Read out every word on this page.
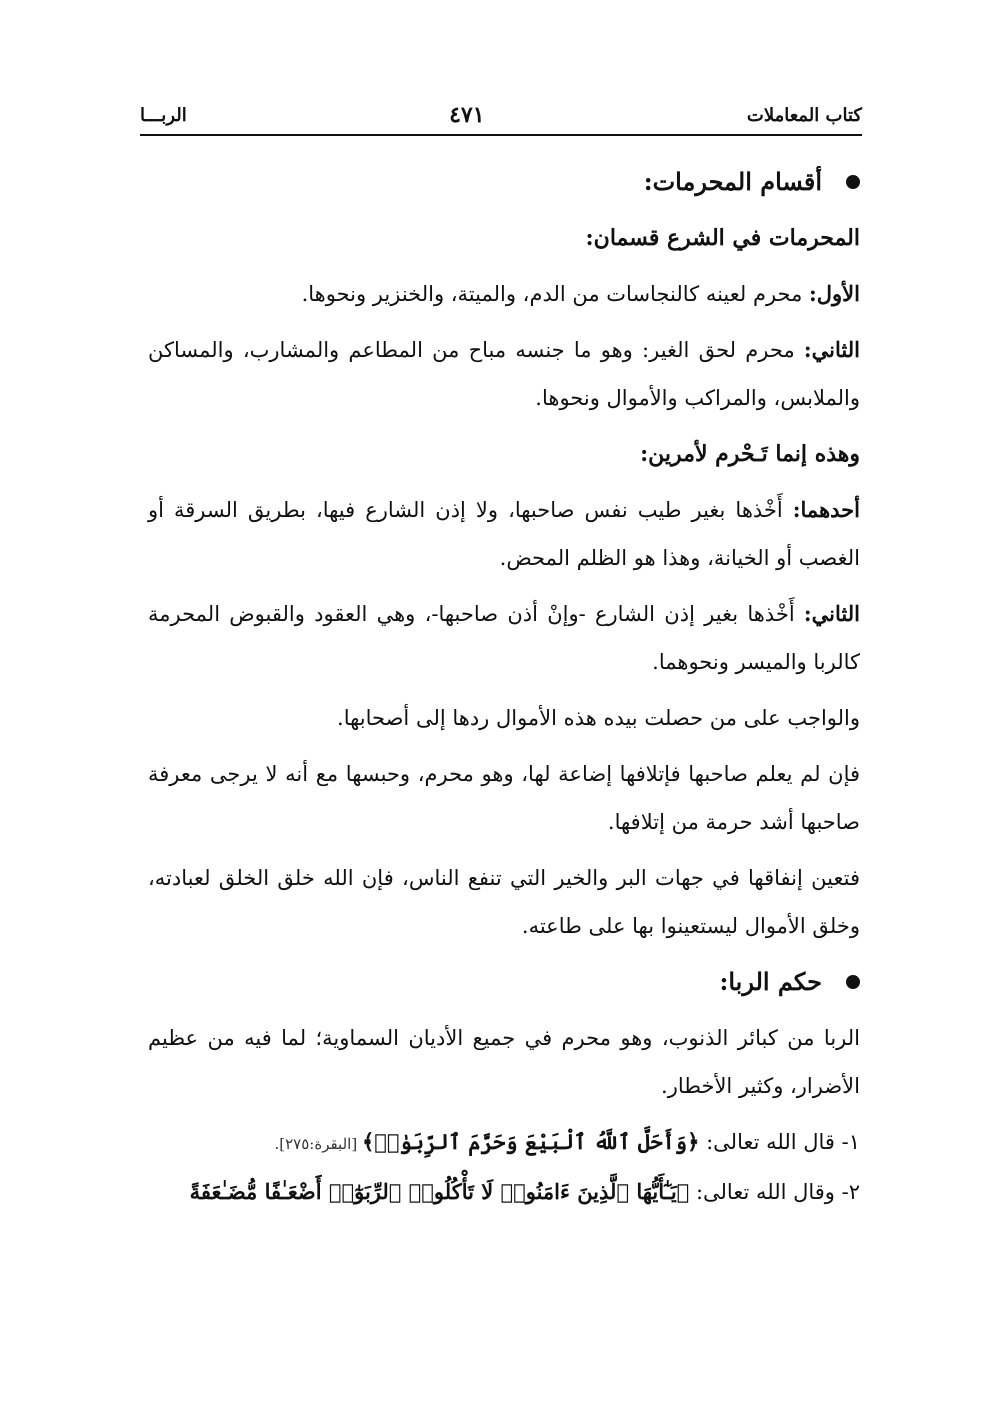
كتاب المعاملات
٤٧١
الربـــا
أقسام المحرمات:
المحرمات في الشرع قسمان:

الأول: محرم لعينه كالنجاسات من الدم، والميتة، والخنزير ونحوها.

الثاني: محرم لحق الغير: وهو ما جنسه مباح من المطاعم والمشارب، والمساكن والملابس، والمراكب والأموال ونحوها.

وهذه إنما تَـحْرم لأمرين:

أحدهما: أَخْذها بغير طيب نفس صاحبها، ولا إذن الشارع فيها، بطريق السرقة أو الغصب أو الخيانة، وهذا هو الظلم المحض.

الثاني: أَخْذها بغير إذن الشارع -وإنْ أذن صاحبها-، وهي العقود والقبوض المحرمة كالربا والميسر ونحوهما.

والواجب على من حصلت بيده هذه الأموال ردها إلى أصحابها.

فإن لم يعلم صاحبها فإتلافها إضاعة لها، وهو محرم، وحبسها مع أنه لا يرجى معرفة صاحبها أشد حرمة من إتلافها.

فتعين إنفاقها في جهات البر والخير التي تنفع الناس، فإن الله خلق الخلق لعبادته، وخلق الأموال ليستعينوا بها على طاعته.

حكم الربا:

الربا من كبائر الذنوب، وهو محرم في جميع الأديان السماوية؛ لما فيه من عظيم الأضرار، وكثير الأخطار.

١- قال الله تعالى: ﴿وَأَحَلَّ ٱللَّهُ ٱلْبَيْعَ وَحَرَّمَ ٱلرِّبَوٰا۟﴾ [البقرة:٢٧٥].

٢- وقال الله تعالى: ﴿يَـٰٓأَيُّهَا ٱلَّذِينَ ءَامَنُوا۟ لَا تَأْكُلُوا۟ ٱلرِّبَوٰٓا۟ أَضْعَـٰفًا مُّضَـٰعَفَةً
